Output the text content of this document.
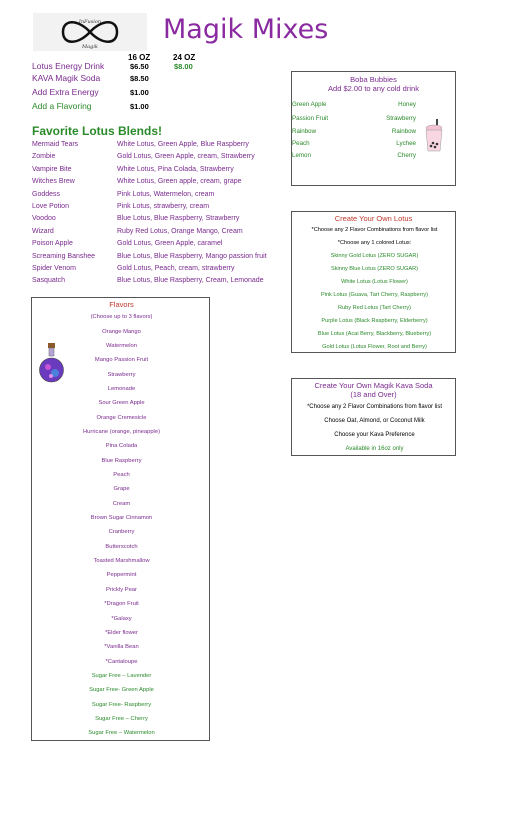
InFusion
Magik
Magik Mixes
16 OZ	24 OZ
Lotus Energy Drink	$6.50	$8.00
KAVA Magik Soda	$8.50
Add Extra Energy	$1.00
Add a Flavoring	$1.00
Favorite Lotus Blends!
Mermaid Tears	White Lotus, Green Apple, Blue Raspberry
Zombie	Gold Lotus, Green Apple, cream, Strawberry
Vampire Bite	White Lotus, Pina Colada, Strawberry
Witches Brew	White Lotus, Green apple, cream, grape
Goddess	Pink Lotus, Watermelon, cream
Love Potion	Pink Lotus, strawberry, cream
Voodoo	Blue Lotus, Blue Raspberry, Strawberry
Wizard	Ruby Red Lotus, Orange Mango, Cream
Poison Apple	Gold Lotus, Green Apple, caramel
Screaming Banshee	Blue Lotus, Blue Raspberry, Mango passion fruit
Spider Venom	Gold Lotus, Peach, cream, strawberry
Sasquatch	Blue Lotus, Blue Raspberry, Cream, Lemonade
Boba Bubbies
Add $2.00 to any cold drink
Green Apple	Honey
Passion Fruit	Strawberry
Rainbow	Rainbow
Peach	Lychee
Lemon	Cherry
Create Your Own Lotus
*Choose any 2 Flavor Combinations from flavor list
*Choose any 1 colored Lotus:
Skinny Gold Lotus (ZERO SUGAR)
Skinny Blue Lotus (ZERO SUGAR)
White Lotus (Lotus Flower)
Pink Lotus (Guava, Tart Cherry, Raspberry)
Ruby Red Lotus (Tart Cherry)
Purple Lotus (Black Raspberry, Elderberry)
Blue Lotus (Acai Berry, Blackberry, Blueberry)
Gold Lotus (Lotus Flower, Root and Berry)
Create Your Own Magik Kava Soda
(18 and Over)
*Choose any 2 Flavor Combinations from flavor list
Choose Oat, Almond, or Coconut Milk
Choose your Kava Preference
Available in 16oz only
Flavors
(Choose up to 3 flavors)
Orange Mango
Watermelon
Mango Passion Fruit
Strawberry
Lemonade
Sour Green Apple
Orange Cremesicle
Hurricane (orange, pineapple)
Pina Colada
Blue Raspberry
Peach
Grape
Cream
Brown Sugar Cinnamon
Cranberry
Butterscotch
Toasted Marshmallow
Peppermint
Prickly Pear
*Dragon Fruit
*Galaxy
*Elder flower
*Vanilla Bean
*Cantaloupe
Sugar Free – Lavender
Sugar Free- Green Apple
Sugar Free- Raspberry
Sugar Free – Cherry
Sugar Free – Watermelon
